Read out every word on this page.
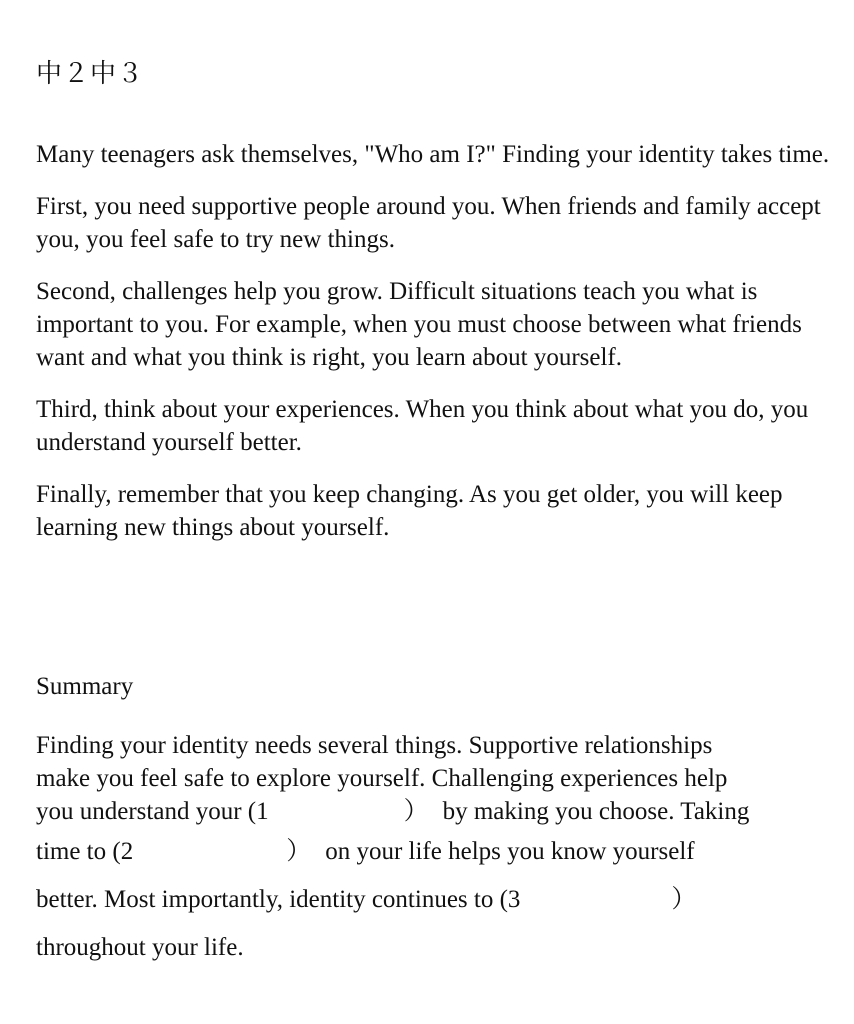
中２中３

Many teenagers ask themselves, "Who am I?" Finding your identity takes time.

First, you need supportive people around you. When friends and family accept you, you feel safe to try new things.

Second, challenges help you grow. Difficult situations teach you what is important to you. For example, when you must choose between what friends want and what you think is right, you learn about yourself.

Third, think about your experiences. When you think about what you do, you understand yourself better.

Finally, remember that you keep changing. As you get older, you will keep learning new things about yourself.

Summary
Finding your identity needs several things. Supportive relationships
make you feel safe to explore yourself. Challenging experiences help
you understand your (1	） by making you choose. Taking
time to (2	） on your life helps you know yourself
better. Most importantly, identity continues to (3	）
throughout your life.
